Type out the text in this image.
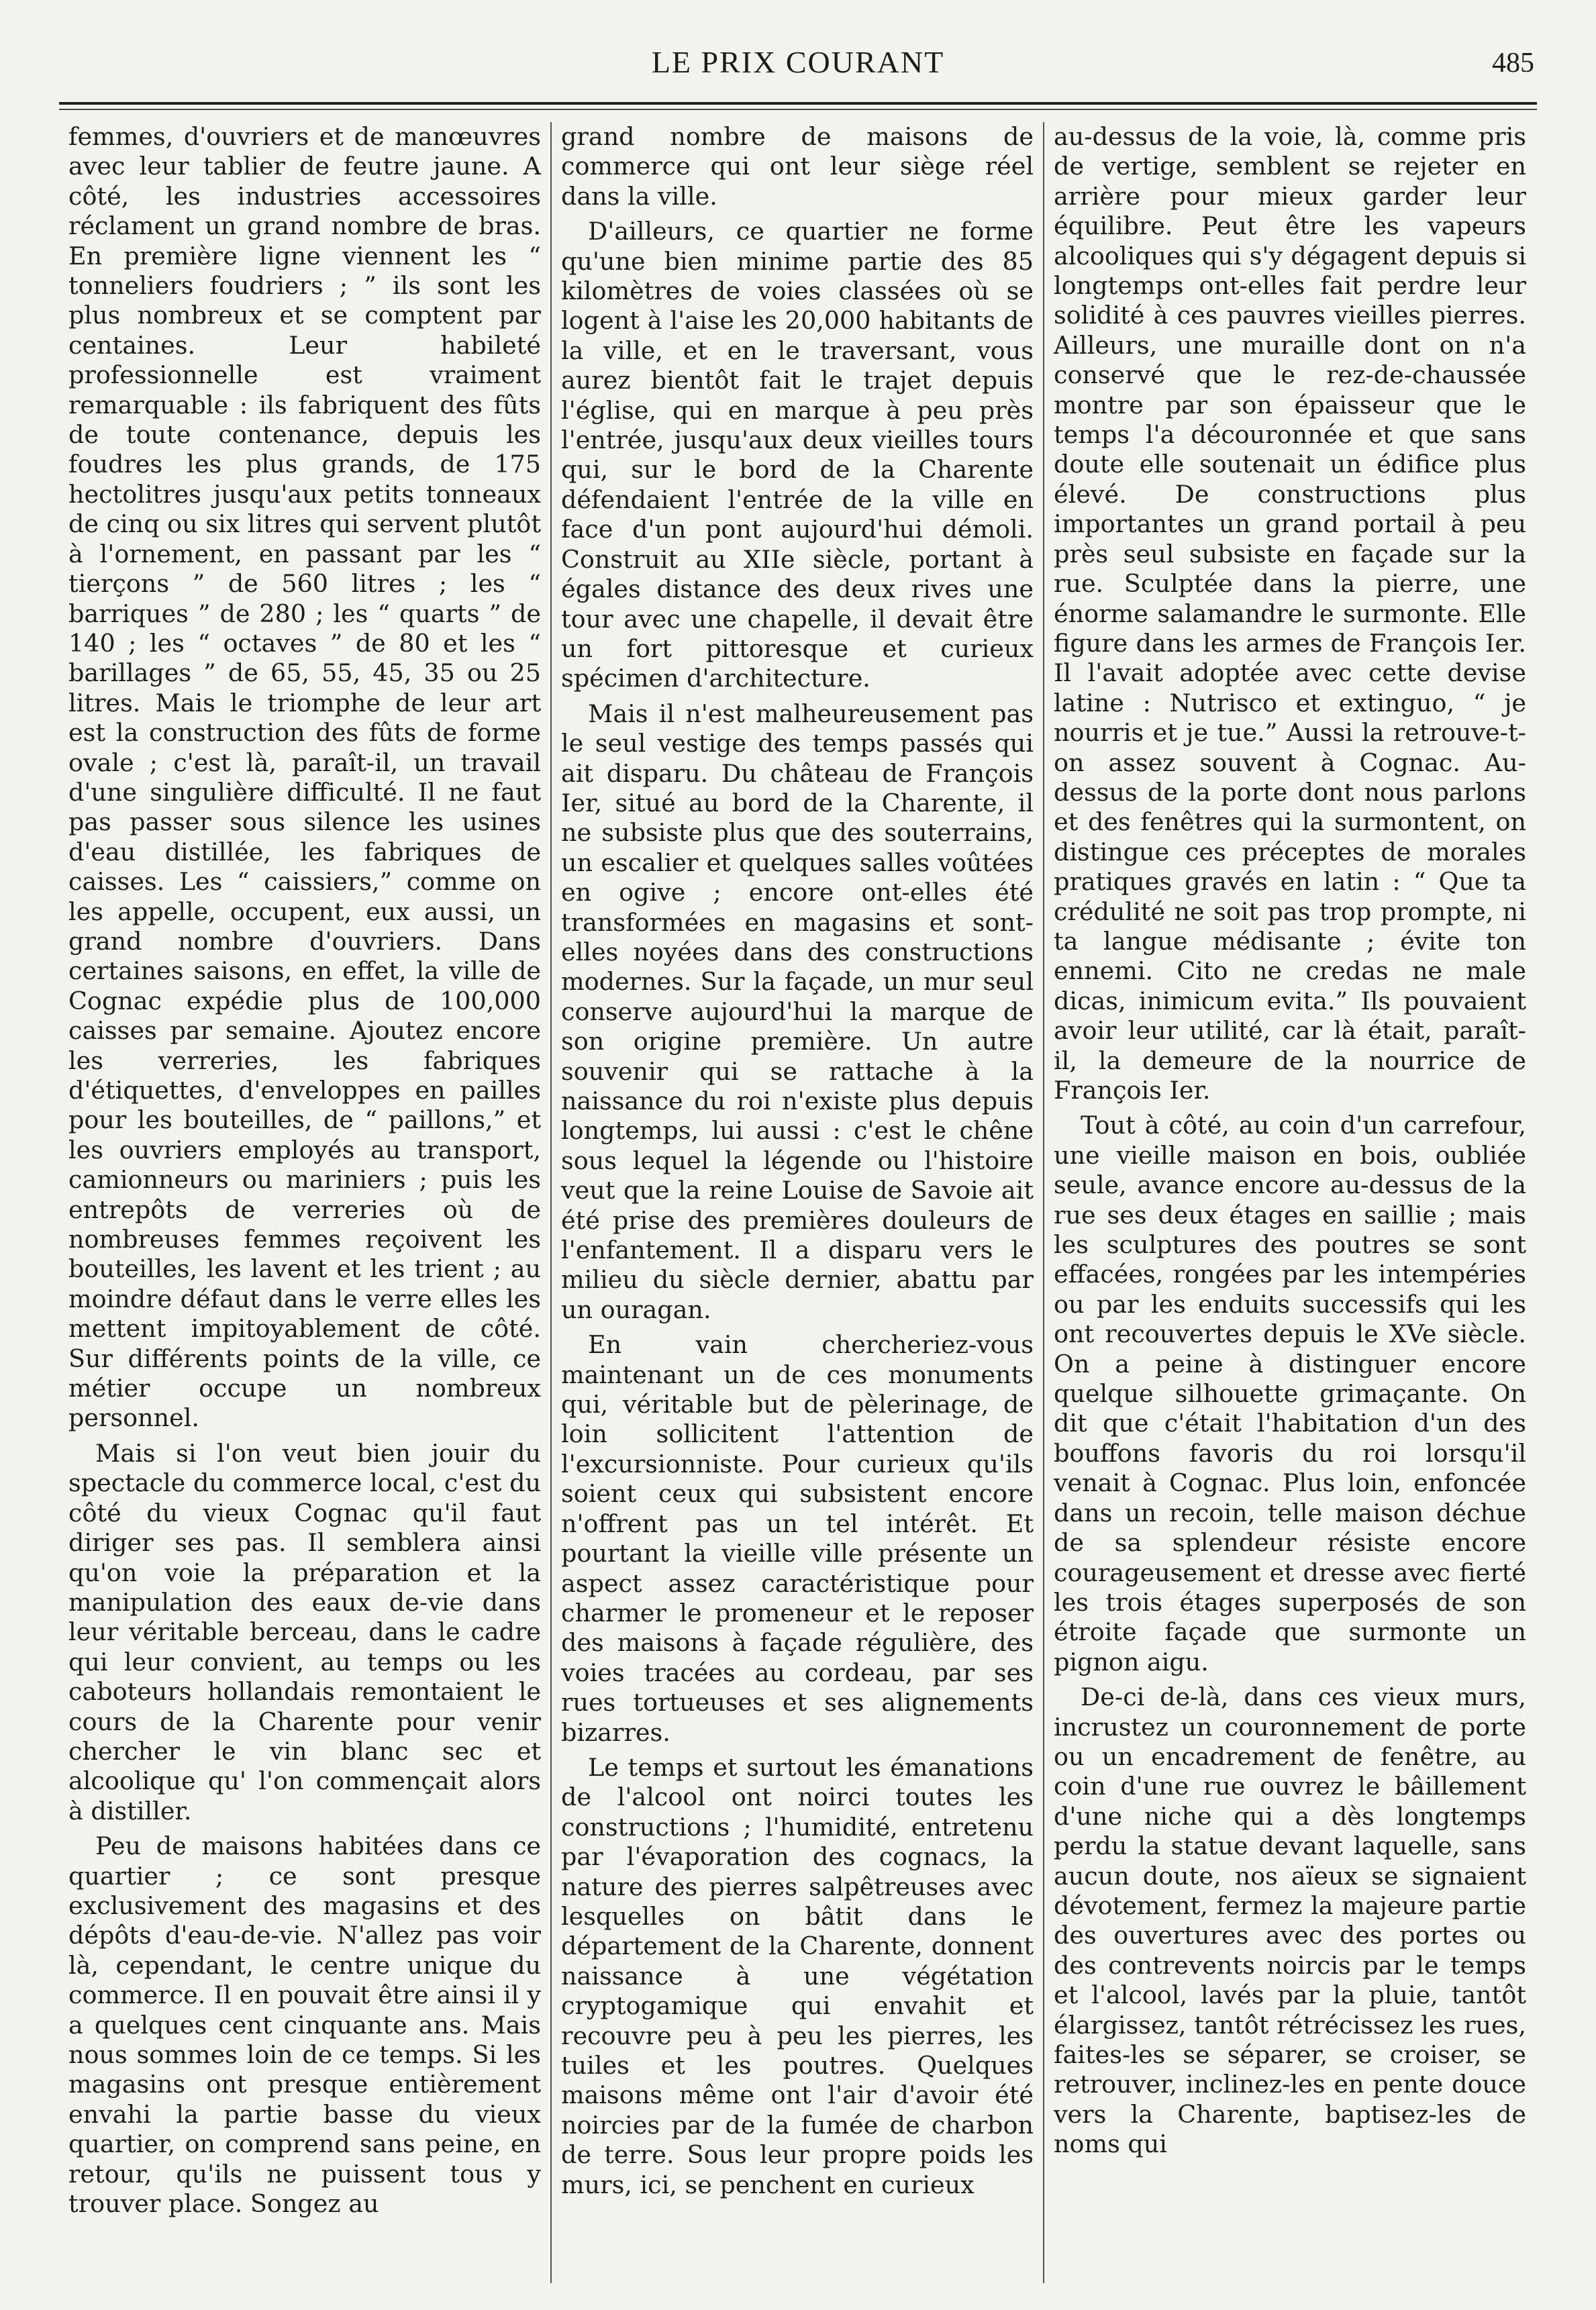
LE PRIX COURANT	485

femmes, d'ouvriers et de manœuvres avec leur tablier de feutre jaune. A côté, les industries accessoires réclament un grand nombre de bras. En première ligne viennent les “ tonneliers foudriers ; ” ils sont les plus nombreux et se comptent par centaines. Leur habileté professionnelle est vraiment remarquable : ils fabriquent des fûts de toute contenance, depuis les foudres les plus grands, de 175 hectolitres jusqu'aux petits tonneaux de cinq ou six litres qui servent plutôt à l'ornement, en passant par les “ tierçons ” de 560 litres ; les “ barriques ” de 280 ; les “ quarts ” de 140 ; les “ octaves ” de 80 et les “ barillages ” de 65, 55, 45, 35 ou 25 litres. Mais le triomphe de leur art est la construction des fûts de forme ovale ; c'est là, paraît-il, un travail d'une singulière difficulté. Il ne faut pas passer sous silence les usines d'eau distillée, les fabriques de caisses. Les “ caissiers,” comme on les appelle, occupent, eux aussi, un grand nombre d'ouvriers. Dans certaines saisons, en effet, la ville de Cognac expédie plus de 100,000 caisses par semaine. Ajoutez encore les verreries, les fabriques d'étiquettes, d'enveloppes en pailles pour les bouteilles, de “ paillons,” et les ouvriers employés au transport, camionneurs ou mariniers ; puis les entrepôts de verreries où de nombreuses femmes reçoivent les bouteilles, les lavent et les trient ; au moindre défaut dans le verre elles les mettent impitoyablement de côté. Sur différents points de la ville, ce métier occupe un nombreux personnel.

Mais si l'on veut bien jouir du spectacle du commerce local, c'est du côté du vieux Cognac qu'il faut diriger ses pas. Il semblera ainsi qu'on voie la préparation et la manipulation des eaux de-vie dans leur véritable berceau, dans le cadre qui leur convient, au temps ou les caboteurs hollandais remontaient le cours de la Charente pour venir chercher le vin blanc sec et alcoolique qu' l'on commençait alors à distiller.

Peu de maisons habitées dans ce quartier ; ce sont presque exclusivement des magasins et des dépôts d'eau-de-vie. N'allez pas voir là, cependant, le centre unique du commerce. Il en pouvait être ainsi il y a quelques cent cinquante ans. Mais nous sommes loin de ce temps. Si les magasins ont presque entièrement envahi la partie basse du vieux quartier, on comprend sans peine, en retour, qu'ils ne puissent tous y trouver place. Songez au

grand nombre de maisons de commerce qui ont leur siège réel dans la ville.

D'ailleurs, ce quartier ne forme qu'une bien minime partie des 85 kilomètres de voies classées où se logent à l'aise les 20,000 habitants de la ville, et en le traversant, vous aurez bientôt fait le trajet depuis l'église, qui en marque à peu près l'entrée, jusqu'aux deux vieilles tours qui, sur le bord de la Charente défendaient l'entrée de la ville en face d'un pont aujourd'hui démoli. Construit au XIIe siècle, portant à égales distance des deux rives une tour avec une chapelle, il devait être un fort pittoresque et curieux spécimen d'architecture.

Mais il n'est malheureusement pas le seul vestige des temps passés qui ait disparu. Du château de François Ier, situé au bord de la Charente, il ne subsiste plus que des souterrains, un escalier et quelques salles voûtées en ogive ; encore ont-elles été transformées en magasins et sont-elles noyées dans des constructions modernes. Sur la façade, un mur seul conserve aujourd'hui la marque de son origine première. Un autre souvenir qui se rattache à la naissance du roi n'existe plus depuis longtemps, lui aussi : c'est le chêne sous lequel la légende ou l'histoire veut que la reine Louise de Savoie ait été prise des premières douleurs de l'enfantement. Il a disparu vers le milieu du siècle dernier, abattu par un ouragan.

En vain chercheriez-vous maintenant un de ces monuments qui, véritable but de pèlerinage, de loin sollicitent l'attention de l'excursionniste. Pour curieux qu'ils soient ceux qui subsistent encore n'offrent pas un tel intérêt. Et pourtant la vieille ville présente un aspect assez caractéristique pour charmer le promeneur et le reposer des maisons à façade régulière, des voies tracées au cordeau, par ses rues tortueuses et ses alignements bizarres.

Le temps et surtout les émanations de l'alcool ont noirci toutes les constructions ; l'humidité, entretenu par l'évaporation des cognacs, la nature des pierres salpêtreuses avec lesquelles on bâtit dans le département de la Charente, donnent naissance à une végétation cryptogamique qui envahit et recouvre peu à peu les pierres, les tuiles et les poutres. Quelques maisons même ont l'air d'avoir été noircies par de la fumée de charbon de terre. Sous leur propre poids les murs, ici, se penchent en curieux

au-dessus de la voie, là, comme pris de vertige, semblent se rejeter en arrière pour mieux garder leur équilibre. Peut être les vapeurs alcooliques qui s'y dégagent depuis si longtemps ont-elles fait perdre leur solidité à ces pauvres vieilles pierres. Ailleurs, une muraille dont on n'a conservé que le rez-de-chaussée montre par son épaisseur que le temps l'a découronnée et que sans doute elle soutenait un édifice plus élevé. De constructions plus importantes un grand portail à peu près seul subsiste en façade sur la rue. Sculptée dans la pierre, une énorme salamandre le surmonte. Elle figure dans les armes de François Ier. Il l'avait adoptée avec cette devise latine : Nutrisco et extinguo, “ je nourris et je tue.” Aussi la retrouve-t-on assez souvent à Cognac. Au-dessus de la porte dont nous parlons et des fenêtres qui la surmontent, on distingue ces préceptes de morales pratiques gravés en latin : “ Que ta crédulité ne soit pas trop prompte, ni ta langue médisante ; évite ton ennemi. Cito ne credas ne male dicas, inimicum evita.” Ils pouvaient avoir leur utilité, car là était, paraît-il, la demeure de la nourrice de François Ier.

Tout à côté, au coin d'un carrefour, une vieille maison en bois, oubliée seule, avance encore au-dessus de la rue ses deux étages en saillie ; mais les sculptures des poutres se sont effacées, rongées par les intempéries ou par les enduits successifs qui les ont recouvertes depuis le XVe siècle. On a peine à distinguer encore quelque silhouette grimaçante. On dit que c'était l'habitation d'un des bouffons favoris du roi lorsqu'il venait à Cognac. Plus loin, enfoncée dans un recoin, telle maison déchue de sa splendeur résiste encore courageusement et dresse avec fierté les trois étages superposés de son étroite façade que surmonte un pignon aigu.

De-ci de-là, dans ces vieux murs, incrustez un couronnement de porte ou un encadrement de fenêtre, au coin d'une rue ouvrez le bâillement d'une niche qui a dès longtemps perdu la statue devant laquelle, sans aucun doute, nos aïeux se signaient dévotement, fermez la majeure partie des ouvertures avec des portes ou des contrevents noircis par le temps et l'alcool, lavés par la pluie, tantôt élargissez, tantôt rétrécissez les rues, faites-les se séparer, se croiser, se retrouver, inclinez-les en pente douce vers la Charente, baptisez-les de noms qui
